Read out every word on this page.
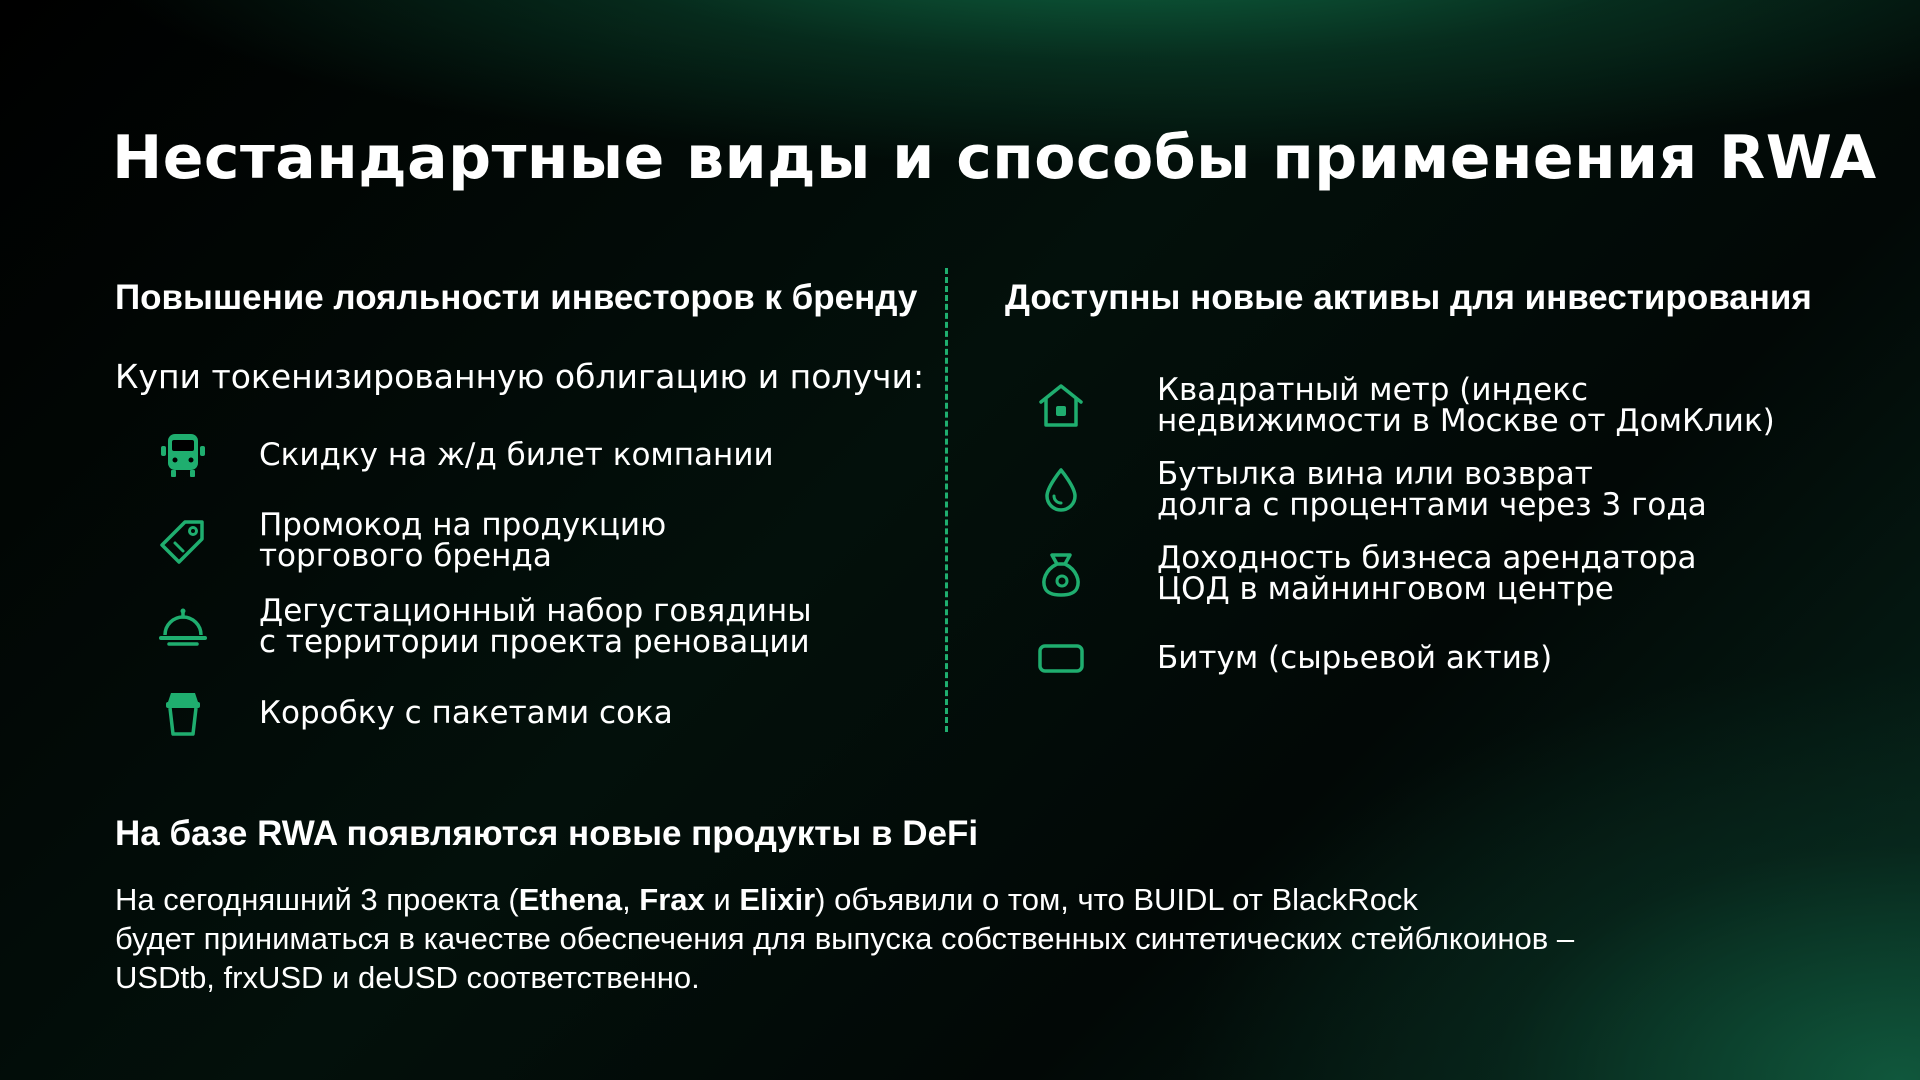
Нестандартные виды и способы применения RWA
Повышение лояльности инвесторов к бренду

Купи токенизированную облигацию и получи:

Скидку на ж/д билет компании
Промокод на продукцию
торгового бренда
Дегустационный набор говядины
с территории проекта реновации
Коробку с пакетами сока
Доступны новые активы для инвестирования
Квадратный метр (индекс
недвижимости в Москве от ДомКлик)
Бутылка вина или возврат
долга с процентами через 3 года
Доходность бизнеса арендатора
ЦОД в майнинговом центре
Битум (сырьевой актив)
На базе RWA появляются новые продукты в DeFi

На сегодняшний 3 проекта (Ethena, Frax и Elixir) объявили о том, что BUIDL от BlackRock
будет приниматься в качестве обеспечения для выпуска собственных синтетических стейблкоинов –
USDtb, frxUSD и deUSD соответственно.
